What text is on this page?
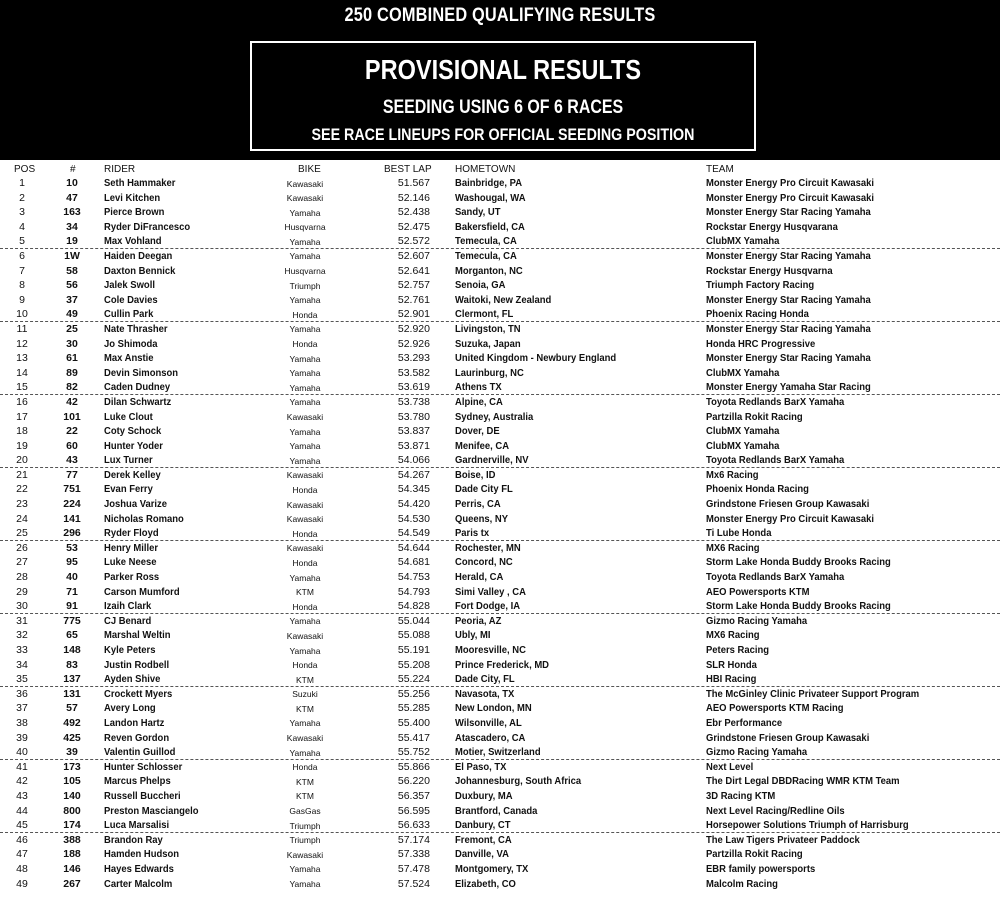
250 COMBINED QUALIFYING RESULTS
PROVISIONAL RESULTS
SEEDING USING 6 OF 6 RACES
SEE RACE LINEUPS FOR OFFICIAL SEEDING POSITION
POS	#	RIDER	BIKE	BEST LAP HOMETOWN	TEAM
1	10	Seth Hammaker	Kawasaki	51.567 Bainbridge, PA	Monster Energy Pro Circuit Kawasaki
2	47	Levi Kitchen	Kawasaki	52.146 Washougal, WA	Monster Energy Pro Circuit Kawasaki
3	163	Pierce Brown	Yamaha	52.438 Sandy, UT	Monster Energy Star Racing Yamaha
4	34	Ryder DiFrancesco	Husqvarna	52.475 Bakersfield, CA	Rockstar Energy Husqvarana
5	19	Max Vohland	Yamaha	52.572 Temecula, CA	ClubMX Yamaha
6	1W	Haiden Deegan	Yamaha	52.607 Temecula, CA	Monster Energy Star Racing Yamaha
7	58	Daxton Bennick	Husqvarna	52.641 Morganton, NC	Rockstar Energy Husqvarna
8	56	Jalek Swoll	Triumph	52.757 Senoia, GA	Triumph Factory Racing
9	37	Cole Davies	Yamaha	52.761 Waitoki, New Zealand	Monster Energy Star Racing Yamaha
10	49	Cullin Park	Honda	52.901 Clermont, FL	Phoenix Racing Honda
11	25	Nate Thrasher	Yamaha	52.920 Livingston, TN	Monster Energy Star Racing Yamaha
12	30	Jo Shimoda	Honda	52.926 Suzuka, Japan	Honda HRC Progressive
13	61	Max Anstie	Yamaha	53.293 United Kingdom - Newbury England	Monster Energy Star Racing Yamaha
14	89	Devin Simonson	Yamaha	53.582 Laurinburg, NC	ClubMX Yamaha
15	82	Caden Dudney	Yamaha	53.619 Athens TX	Monster Energy Yamaha Star Racing
16	42	Dilan Schwartz	Yamaha	53.738 Alpine, CA	Toyota Redlands BarX Yamaha
17	101	Luke Clout	Kawasaki	53.780 Sydney, Australia	Partzilla Rokit Racing
18	22	Coty Schock	Yamaha	53.837 Dover, DE	ClubMX Yamaha
19	60	Hunter Yoder	Yamaha	53.871 Menifee, CA	ClubMX Yamaha
20	43	Lux Turner	Yamaha	54.066 Gardnerville, NV	Toyota Redlands BarX Yamaha
21	77	Derek Kelley	Kawasaki	54.267 Boise, ID	Mx6 Racing
22	751	Evan Ferry	Honda	54.345 Dade City FL	Phoenix Honda Racing
23	224	Joshua Varize	Kawasaki	54.420 Perris, CA	Grindstone Friesen Group Kawasaki
24	141	Nicholas Romano	Kawasaki	54.530 Queens, NY	Monster Energy Pro Circuit Kawasaki
25	296	Ryder Floyd	Honda	54.549 Paris tx	Ti Lube Honda
26	53	Henry Miller	Kawasaki	54.644 Rochester, MN	MX6 Racing
27	95	Luke Neese	Honda	54.681 Concord, NC	Storm Lake Honda Buddy Brooks Racing
28	40	Parker Ross	Yamaha	54.753 Herald, CA	Toyota Redlands BarX Yamaha
29	71	Carson Mumford	KTM	54.793 Simi Valley , CA	AEO Powersports KTM
30	91	Izaih Clark	Honda	54.828 Fort Dodge, IA	Storm Lake Honda Buddy Brooks Racing
31	775	CJ Benard	Yamaha	55.044 Peoria, AZ	Gizmo Racing Yamaha
32	65	Marshal Weltin	Kawasaki	55.088 Ubly, MI	MX6 Racing
33	148	Kyle Peters	Yamaha	55.191 Mooresville, NC	Peters Racing
34	83	Justin Rodbell	Honda	55.208 Prince Frederick, MD	SLR Honda
35	137	Ayden Shive	KTM	55.224 Dade City, FL	HBI Racing
36	131	Crockett Myers	Suzuki	55.256 Navasota, TX	The McGinley Clinic Privateer Support Program
37	57	Avery Long	KTM	55.285 New London, MN	AEO Powersports KTM Racing
38	492	Landon Hartz	Yamaha	55.400 Wilsonville, AL	Ebr Performance
39	425	Reven Gordon	Kawasaki	55.417 Atascadero, CA	Grindstone Friesen Group Kawasaki
40	39	Valentin Guillod	Yamaha	55.752 Motier, Switzerland	Gizmo Racing Yamaha
41	173	Hunter Schlosser	Honda	55.866 El Paso, TX	Next Level
42	105	Marcus Phelps	KTM	56.220 Johannesburg, South Africa	The Dirt Legal DBDRacing WMR KTM Team
43	140	Russell Buccheri	KTM	56.357 Duxbury, MA	3D Racing KTM
44	800	Preston Masciangelo	GasGas	56.595 Brantford, Canada	Next Level Racing/Redline Oils
45	174	Luca Marsalisi	Triumph	56.633 Danbury, CT	Horsepower Solutions Triumph of Harrisburg
46	388	Brandon Ray	Triumph	57.174 Fremont, CA	The Law Tigers Privateer Paddock
47	188	Hamden Hudson	Kawasaki	57.338 Danville, VA	Partzilla Rokit Racing
48	146	Hayes Edwards	Yamaha	57.478 Montgomery, TX	EBR family powersports
49	267	Carter Malcolm	Yamaha	57.524 Elizabeth, CO	Malcolm Racing
